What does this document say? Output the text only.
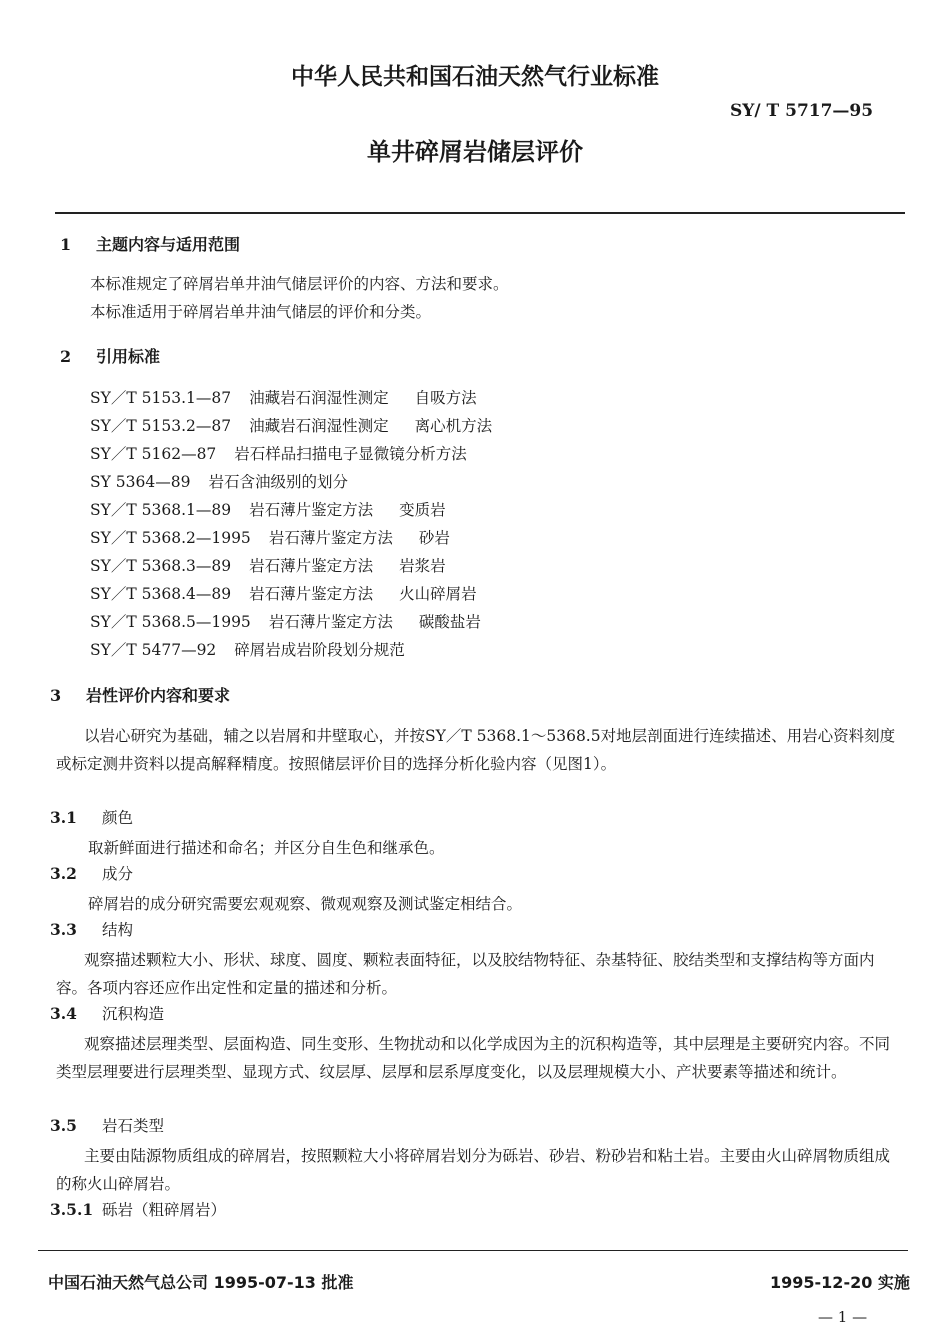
中华人民共和国石油天然气行业标准
SY/ T 5717—95
单井碎屑岩储层评价
1 主题内容与适用范围
本标准规定了碎屑岩单井油气储层评价的内容、方法和要求。
本标准适用于碎屑岩单井油气储层的评价和分类。
2 引用标准
SY／T 5153.1—87 油藏岩石润湿性测定 自吸方法
SY／T 5153.2—87 油藏岩石润湿性测定 离心机方法
SY／T 5162—87 岩石样品扫描电子显微镜分析方法
SY 5364—89 岩石含油级别的划分
SY／T 5368.1—89 岩石薄片鉴定方法 变质岩
SY／T 5368.2—1995 岩石薄片鉴定方法 砂岩
SY／T 5368.3—89 岩石薄片鉴定方法 岩浆岩
SY／T 5368.4—89 岩石薄片鉴定方法 火山碎屑岩
SY／T 5368.5—1995 岩石薄片鉴定方法 碳酸盐岩
SY／T 5477—92 碎屑岩成岩阶段划分规范
3 岩性评价内容和要求
以岩心研究为基础，辅之以岩屑和井壁取心，并按SY／T 5368.1～5368.5对地层剖面进行连续描述、用岩心资料刻度或标定测井资料以提高解释精度。按照储层评价目的选择分析化验内容（见图1）。
3.1 颜色
取新鲜面进行描述和命名；并区分自生色和继承色。
3.2 成分
碎屑岩的成分研究需要宏观观察、微观观察及测试鉴定相结合。
3.3 结构
观察描述颗粒大小、形状、球度、圆度、颗粒表面特征，以及胶结物特征、杂基特征、胶结类型和支撑结构等方面内容。各项内容还应作出定性和定量的描述和分析。
3.4 沉积构造
观察描述层理类型、层面构造、同生变形、生物扰动和以化学成因为主的沉积构造等，其中层理是主要研究内容。不同类型层理要进行层理类型、显现方式、纹层厚、层厚和层系厚度变化，以及层理规模大小、产状要素等描述和统计。
3.5 岩石类型
主要由陆源物质组成的碎屑岩，按照颗粒大小将碎屑岩划分为砾岩、砂岩、粉砂岩和粘土岩。主要由火山碎屑物质组成的称火山碎屑岩。
3.5.1 砾岩（粗碎屑岩）
中国石油天然气总公司 1995-07-13 批准	1995-12-20 实施
— 1 —
